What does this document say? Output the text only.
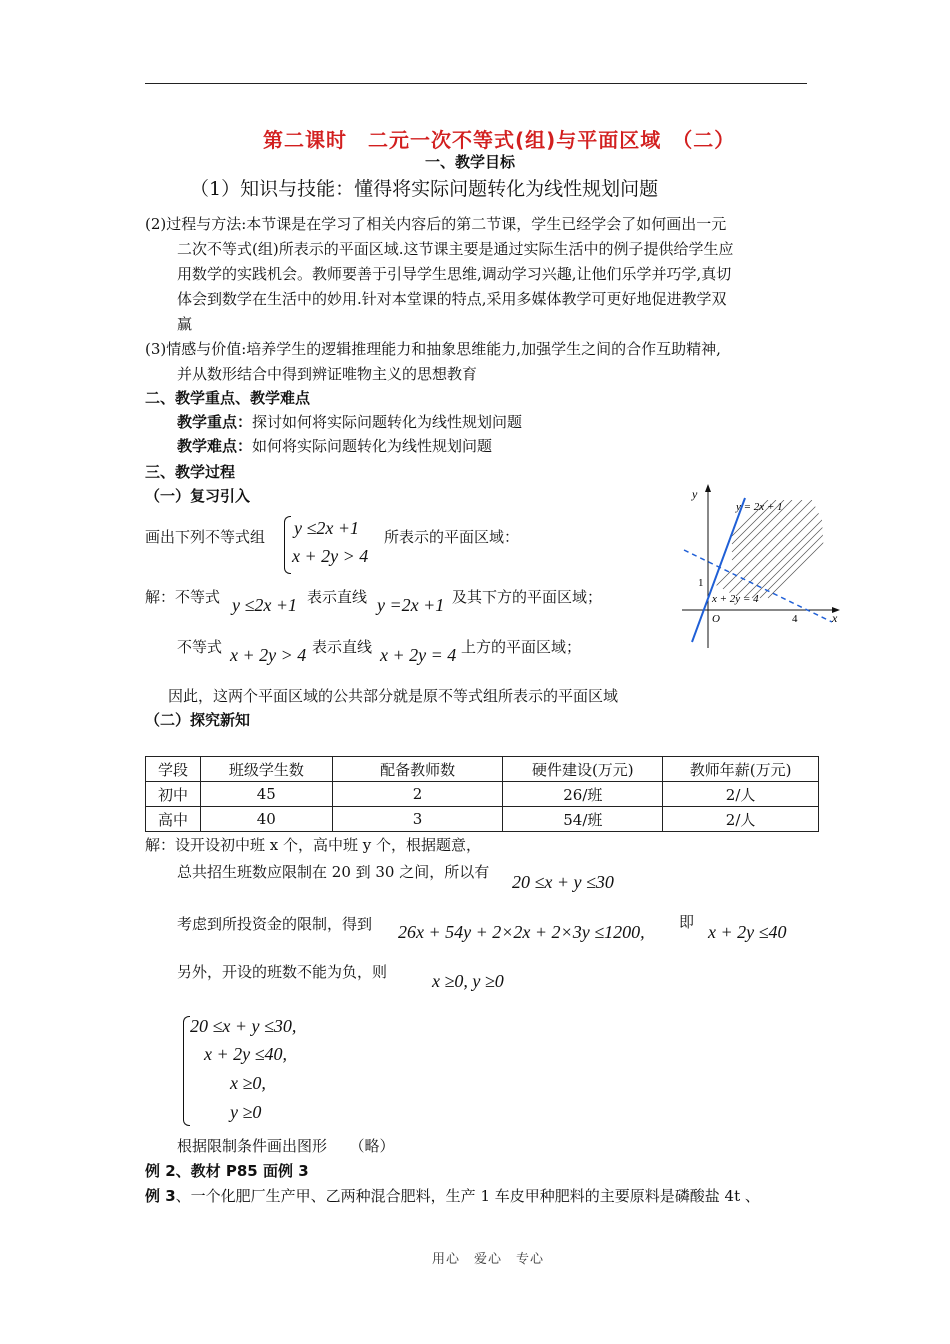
第二课时　二元一次不等式(组)与平面区域　（二）
一、教学目标
（1）知识与技能：懂得将实际问题转化为线性规划问题
(2)过程与方法:本节课是在学习了相关内容后的第二节课，学生已经学会了如何画出一元
二次不等式(组)所表示的平面区域.这节课主要是通过实际生活中的例子提供给学生应
用数学的实践机会。教师要善于引导学生思维,调动学习兴趣,让他们乐学并巧学,真切
体会到数学在生活中的妙用.针对本堂课的特点,采用多媒体教学可更好地促进教学双
赢
(3)情感与价值:培养学生的逻辑推理能力和抽象思维能力,加强学生之间的合作互助精神,
并从数形结合中得到辨证唯物主义的思想教育
二、教学重点、教学难点
教学重点：探讨如何将实际问题转化为线性规划问题
教学难点：如何将实际问题转化为线性规划问题
三、教学过程
（一）复习引入
画出下列不等式组 y ≤2x +1
x + 2y > 4
所表示的平面区域：
解：不等式 y ≤2x +1 表示直线 y =2x +1 及其下方的平面区域；
不等式 x + 2y > 4 表示直线 x + 2y = 4 上方的平面区域；
因此，这两个平面区域的公共部分就是原不等式组所表示的平面区域
y
x
y = 2x + 1
x + 2y = 4
O
1
4
（二）探究新知
学段	班级学生数	配备教师数	硬件建设(万元)	教师年薪(万元)
初中	45	2	26/班	2/人
高中	40	3	54/班	2/人
解：设开设初中班 x 个，高中班 y 个，根据题意，
总共招生班数应限制在 20 到 30 之间，所以有 20 ≤x + y ≤30
考虑到所投资金的限制，得到 26x + 54y + 2×2x + 2×3y ≤1200, 即 x + 2y ≤40
另外，开设的班数不能为负，则 x ≥0, y ≥0
20 ≤x + y ≤30,
x + 2y ≤40,
x ≥0,
y ≥0
根据限制条件画出图形　　（略）
例 2、教材 P85 面例 3
例 3、一个化肥厂生产甲、乙两种混合肥料，生产 1 车皮甲种肥料的主要原料是磷酸盐 4t 、
用心　爱心　专心
